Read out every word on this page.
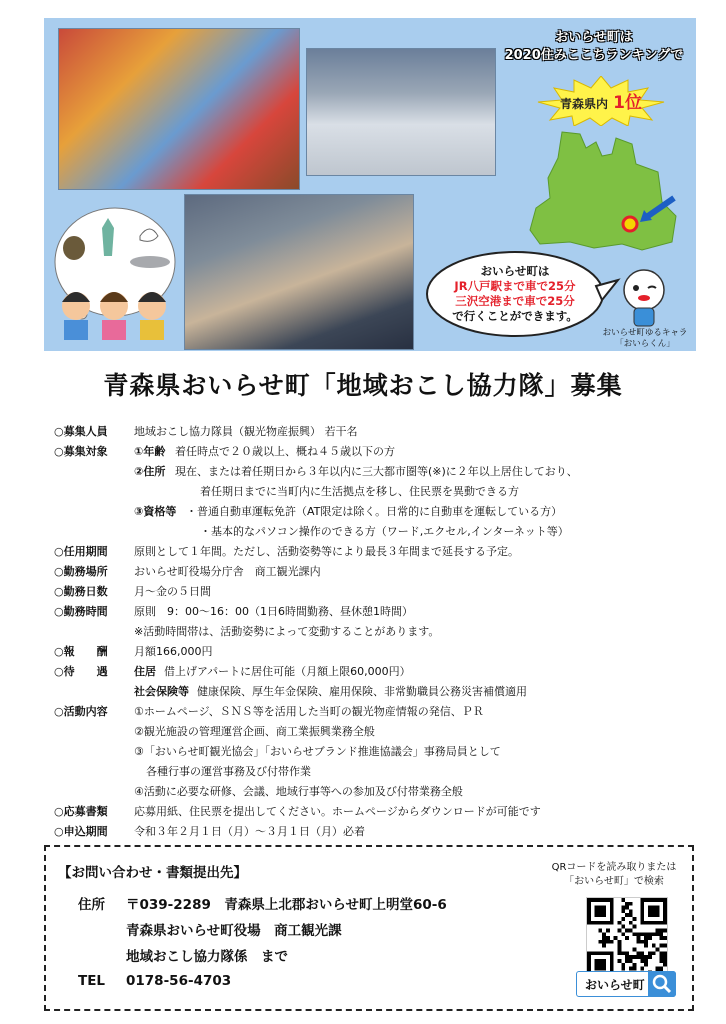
おいらせ町は
2020住みここちランキングで
青森県内 1位
おいらせ町は
JR八戸駅まで車で25分
三沢空港まで車で25分
で行くことができます。
おいらせ町ゆるキャラ
「おいらくん」
青森県おいらせ町「地域おこし協力隊」募集
○募集人員 地域おこし協力隊員（観光物産振興） 若干名
○募集対象 ①年齢 着任時点で２０歳以上、概ね４５歳以下の方
②住所 現在、または着任期日から３年以内に三大都市圏等(※)に２年以上居住しており、
着任期日までに当町内に生活拠点を移し、住民票を異動できる方
③資格等 ・普通自動車運転免許（AT限定は除く。日常的に自動車を運転している方）
・基本的なパソコン操作のできる方（ワード,エクセル,インターネット等）
○任用期間 原則として１年間。ただし、活動姿勢等により最長３年間まで延長する予定。
○勤務場所 おいらせ町役場分庁舎　商工観光課内
○勤務日数 月～金の５日間
○勤務時間 原則　9：00～16：00（1日6時間勤務、昼休憩1時間）
※活動時間帯は、活動姿勢によって変動することがあります。
○報　　酬 月額166,000円
○待　　遇 住居 借上げアパートに居住可能（月額上限60,000円）
社会保険等 健康保険、厚生年金保険、雇用保険、非常勤職員公務災害補償適用
○活動内容 ①ホームページ、ＳＮＳ等を活用した当町の観光物産情報の発信、ＰＲ
②観光施設の管理運営企画、商工業振興業務全般
③「おいらせ町観光協会」「おいらせブランド推進協議会」事務局員として
各種行事の運営事務及び付帯作業
④活動に必要な研修、会議、地域行事等への参加及び付帯業務全般
○応募書類 応募用紙、住民票を提出してください。ホームページからダウンロードが可能です
○申込期間 令和３年２月１日（月）～３月１日（月）必着
【お問い合わせ・書類提出先】
住所 〒039-2289　青森県上北郡おいらせ町上明堂60-6
青森県おいらせ町役場　商工観光課
地域おこし協力隊係　まで
TEL 0178-56-4703
QRコードを読み取りまたは
「おいらせ町」で検索
おいらせ町
